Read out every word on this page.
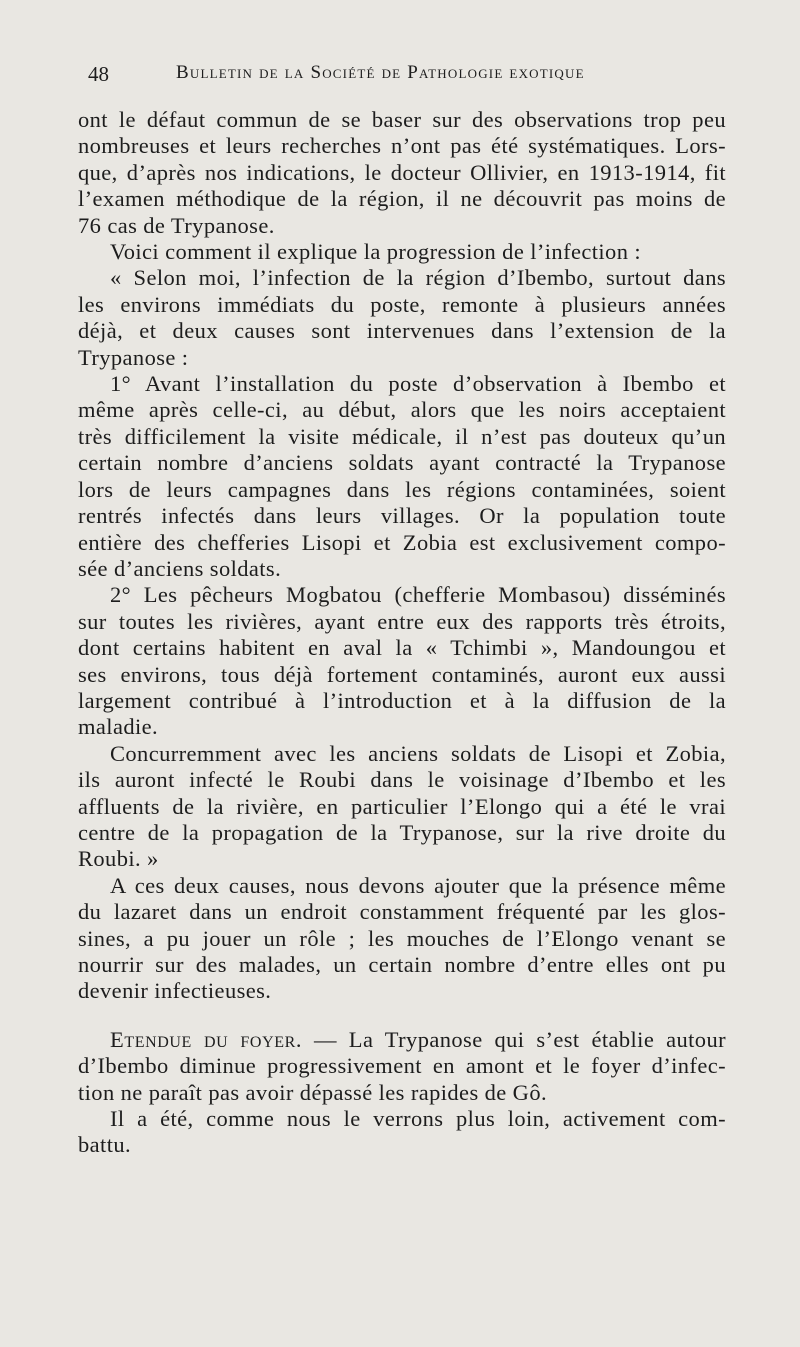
48	Bulletin de la Société de Pathologie exotique

ont le défaut commun de se baser sur des observations trop peu

nombreuses et leurs recherches n’ont pas été systématiques. Lors-

que, d’après nos indications, le docteur Ollivier, en 1913-1914, fit

l’examen méthodique de la région, il ne découvrit pas moins de

76 cas de Trypanose.

Voici comment il explique la progression de l’infection :

« Selon moi, l’infection de la région d’Ibembo, surtout dans

les environs immédiats du poste, remonte à plusieurs années

déjà, et deux causes sont intervenues dans l’extension de la

Trypanose :

1° Avant l’installation du poste d’observation à Ibembo et

même après celle-ci, au début, alors que les noirs acceptaient

très difficilement la visite médicale, il n’est pas douteux qu’un

certain nombre d’anciens soldats ayant contracté la Trypanose

lors de leurs campagnes dans les régions contaminées, soient

rentrés infectés dans leurs villages. Or la population toute

entière des chefferies Lisopi et Zobia est exclusivement compo-

sée d’anciens soldats.

2° Les pêcheurs Mogbatou (chefferie Mombasou) disséminés

sur toutes les rivières, ayant entre eux des rapports très étroits,

dont certains habitent en aval la « Tchimbi », Mandoungou et

ses environs, tous déjà fortement contaminés, auront eux aussi

largement contribué à l’introduction et à la diffusion de la

maladie.

Concurremment avec les anciens soldats de Lisopi et Zobia,

ils auront infecté le Roubi dans le voisinage d’Ibembo et les

affluents de la rivière, en particulier l’Elongo qui a été le vrai

centre de la propagation de la Trypanose, sur la rive droite du

Roubi. »

A ces deux causes, nous devons ajouter que la présence même

du lazaret dans un endroit constamment fréquenté par les glos-

sines, a pu jouer un rôle ; les mouches de l’Elongo venant se

nourrir sur des malades, un certain nombre d’entre elles ont pu

devenir infectieuses.

Etendue du foyer. — La Trypanose qui s’est établie autour

d’Ibembo diminue progressivement en amont et le foyer d’infec-

tion ne paraît pas avoir dépassé les rapides de Gô.

Il a été, comme nous le verrons plus loin, activement com-

battu.
